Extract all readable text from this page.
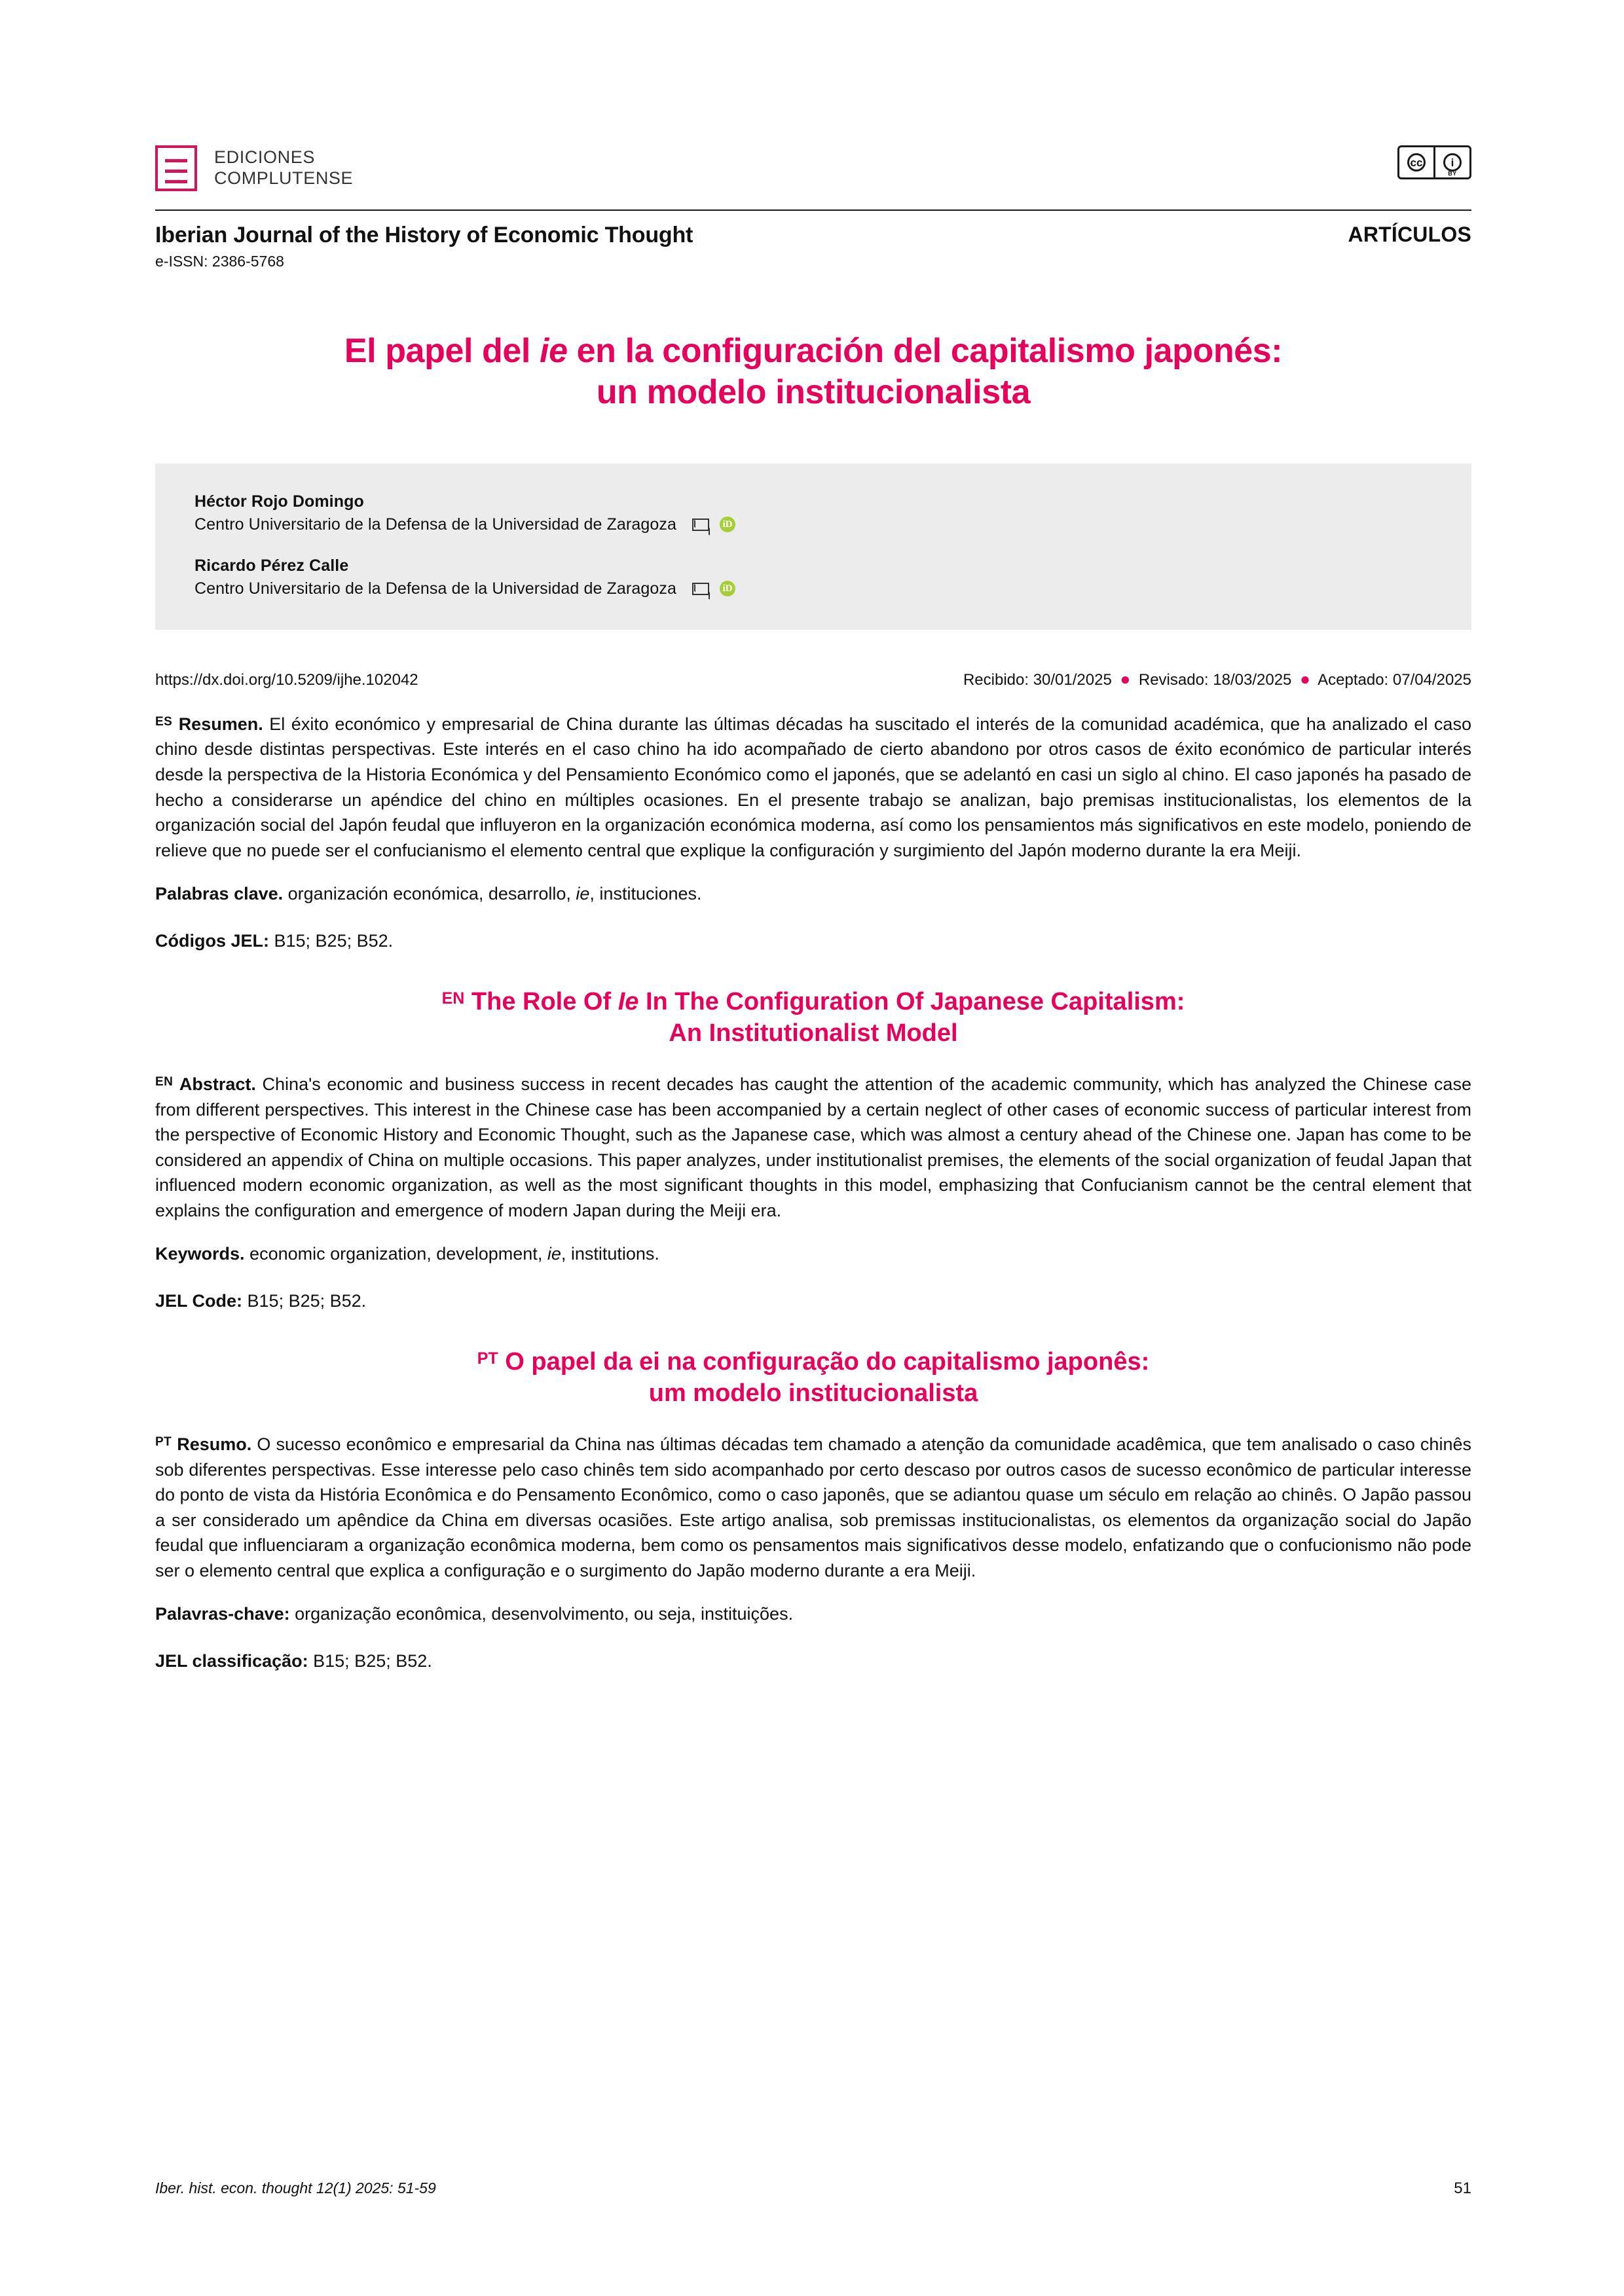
EDICIONES
COMPLUTENSE
cc	i
BY
Iberian Journal of the History of Economic Thought
e-ISSN: 2386-5768
ARTÍCULOS
El papel del ie en la configuración del capitalismo japonés:
un modelo institucionalista
Héctor Rojo Domingo
Centro Universitario de la Defensa de la Universidad de Zaragoza	iD
Ricardo Pérez Calle
Centro Universitario de la Defensa de la Universidad de Zaragoza	iD
https://dx.doi.org/10.5209/ijhe.102042	Recibido: 30/01/2025 ● Revisado: 18/03/2025 ● Aceptado: 07/04/2025

$^{ES}$ Resumen. El éxito económico y empresarial de China durante las últimas décadas ha suscitado el interés de la comunidad académica, que ha analizado el caso chino desde distintas perspectivas. Este interés en el caso chino ha ido acompañado de cierto abandono por otros casos de éxito económico de particular interés desde la perspectiva de la Historia Económica y del Pensamiento Económico como el japonés, que se adelantó en casi un siglo al chino. El caso japonés ha pasado de hecho a considerarse un apéndice del chino en múltiples ocasiones. En el presente trabajo se analizan, bajo premisas institucionalistas, los elementos de la organización social del Japón feudal que influyeron en la organización económica moderna, así como los pensamientos más significativos en este modelo, poniendo de relieve que no puede ser el confucianismo el elemento central que explique la configuración y surgimiento del Japón moderno durante la era Meiji.

Palabras clave. organización económica, desarrollo, ie, instituciones.

Códigos JEL: B15; B25; B52.

$^{EN}$ The Role Of Ie In The Configuration Of Japanese Capitalism:
An Institutionalist Model

$^{EN}$ Abstract. China's economic and business success in recent decades has caught the attention of the academic community, which has analyzed the Chinese case from different perspectives. This interest in the Chinese case has been accompanied by a certain neglect of other cases of economic success of particular interest from the perspective of Economic History and Economic Thought, such as the Japanese case, which was almost a century ahead of the Chinese one. Japan has come to be considered an appendix of China on multiple occasions. This paper analyzes, under institutionalist premises, the elements of the social organization of feudal Japan that influenced modern economic organization, as well as the most significant thoughts in this model, emphasizing that Confucianism cannot be the central element that explains the configuration and emergence of modern Japan during the Meiji era.

Keywords. economic organization, development, ie, institutions.

JEL Code: B15; B25; B52.

$^{PT}$ O papel da ei na configuração do capitalismo japonês:
um modelo institucionalista

$^{PT}$ Resumo. O sucesso econômico e empresarial da China nas últimas décadas tem chamado a atenção da comunidade acadêmica, que tem analisado o caso chinês sob diferentes perspectivas. Esse interesse pelo caso chinês tem sido acompanhado por certo descaso por outros casos de sucesso econômico de particular interesse do ponto de vista da História Econômica e do Pensamento Econômico, como o caso japonês, que se adiantou quase um século em relação ao chinês. O Japão passou a ser considerado um apêndice da China em diversas ocasiões. Este artigo analisa, sob premissas institucionalistas, os elementos da organização social do Japão feudal que influenciaram a organização econômica moderna, bem como os pensamentos mais significativos desse modelo, enfatizando que o confucionismo não pode ser o elemento central que explica a configuração e o surgimento do Japão moderno durante a era Meiji.

Palavras-chave: organização econômica, desenvolvimento, ou seja, instituições.

JEL classificação: B15; B25; B52.

Iber. hist. econ. thought 12(1) 2025: 51-59	51
